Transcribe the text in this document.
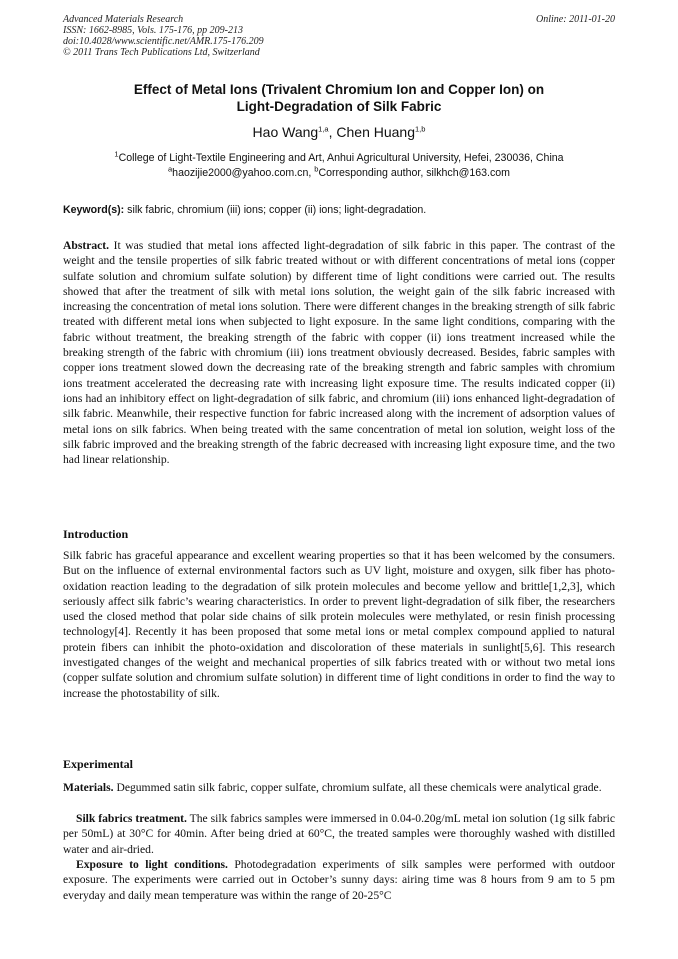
Advanced Materials Research
ISSN: 1662-8985, Vols. 175-176, pp 209-213
doi:10.4028/www.scientific.net/AMR.175-176.209
© 2011 Trans Tech Publications Ltd, Switzerland
Online: 2011-01-20
Effect of Metal Ions (Trivalent Chromium Ion and Copper Ion) on
Light-Degradation of Silk Fabric
Hao Wang$^{1,a}$, Chen Huang$^{1,b}$
$^1$College of Light-Textile Engineering and Art, Anhui Agricultural University, Hefei, 230036, China
$^a$haozijie2000@yahoo.com.cn, $^b$Corresponding author, silkhch@163.com
Keyword(s): silk fabric, chromium (iii) ions; copper (ii) ions; light-degradation.
Abstract. It was studied that metal ions affected light-degradation of silk fabric in this paper. The contrast of the weight and the tensile properties of silk fabric treated without or with different concentrations of metal ions (copper sulfate solution and chromium sulfate solution) by different time of light conditions were carried out. The results showed that after the treatment of silk with metal ions solution, the weight gain of the silk fabric increased with increasing the concentration of metal ions solution. There were different changes in the breaking strength of silk fabric treated with different metal ions when subjected to light exposure. In the same light conditions, comparing with the fabric without treatment, the breaking strength of the fabric with copper (ii) ions treatment increased while the breaking strength of the fabric with chromium (iii) ions treatment obviously decreased. Besides, fabric samples with copper ions treatment slowed down the decreasing rate of the breaking strength and fabric samples with chromium ions treatment accelerated the decreasing rate with increasing light exposure time. The results indicated copper (ii) ions had an inhibitory effect on light-degradation of silk fabric, and chromium (iii) ions enhanced light-degradation of silk fabric. Meanwhile, their respective function for fabric increased along with the increment of adsorption values of metal ions on silk fabrics. When being treated with the same concentration of metal ion solution, weight loss of the silk fabric improved and the breaking strength of the fabric decreased with increasing light exposure time, and the two had linear relationship.
Introduction
Silk fabric has graceful appearance and excellent wearing properties so that it has been welcomed by the consumers. But on the influence of external environmental factors such as UV light, moisture and oxygen, silk fiber has photo-oxidation reaction leading to the degradation of silk protein molecules and become yellow and brittle[1,2,3], which seriously affect silk fabric’s wearing characteristics. In order to prevent light-degradation of silk fiber, the researchers used the closed method that polar side chains of silk protein molecules were methylated, or resin finish processing technology[4]. Recently it has been proposed that some metal ions or metal complex compound applied to natural protein fibers can inhibit the photo-oxidation and discoloration of these materials in sunlight[5,6]. This research investigated changes of the weight and mechanical properties of silk fabrics treated with or without two metal ions (copper sulfate solution and chromium sulfate solution) in different time of light conditions in order to find the way to increase the photostability of silk.
Experimental
Materials. Degummed satin silk fabric, copper sulfate, chromium sulfate, all these chemicals were analytical grade.
Silk fabrics treatment. The silk fabrics samples were immersed in 0.04-0.20g/mL metal ion solution (1g silk fabric per 50mL) at 30°C for 40min. After being dried at 60°C, the treated samples were thoroughly washed with distilled water and air-dried.
Exposure to light conditions. Photodegradation experiments of silk samples were performed with outdoor exposure. The experiments were carried out in October’s sunny days: airing time was 8 hours from 9 am to 5 pm everyday and daily mean temperature was within the range of 20-25°C
